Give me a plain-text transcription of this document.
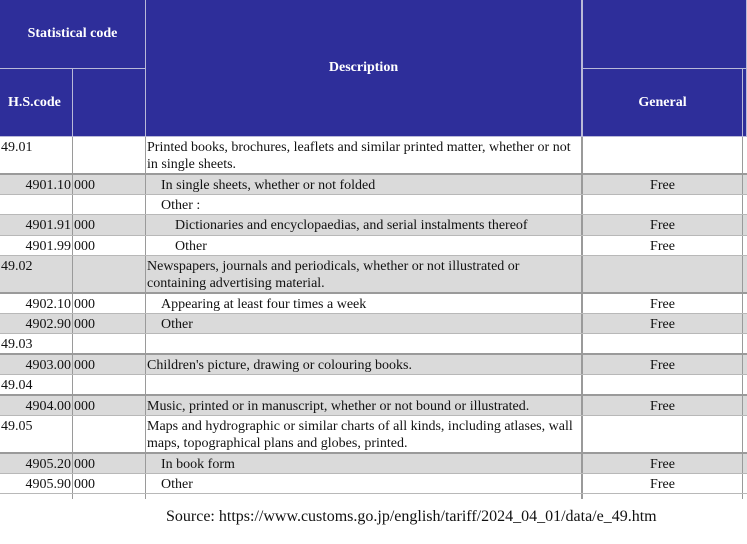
Statistical code
H.S.code
Description
General
49.01	Printed books, brochures, leaflets and similar printed matter, whether or not in single sheets.
4901.10 000	In single sheets, whether or not folded	Free
Other :
4901.91 000	Dictionaries and encyclopaedias, and serial instalments thereof	Free
4901.99 000	Other	Free
49.02	Newspapers, journals and periodicals, whether or not illustrated or containing advertising material.
4902.10 000	Appearing at least four times a week	Free
4902.90 000	Other	Free
49.03
4903.00 000	Children's picture, drawing or colouring books.	Free
49.04
4904.00 000	Music, printed or in manuscript, whether or not bound or illustrated.	Free
49.05	Maps and hydrographic or similar charts of all kinds, including atlases, wall maps, topographical plans and globes, printed.
4905.20 000	In book form	Free
4905.90 000	Other	Free
Source: https://www.customs.go.jp/english/tariff/2024_04_01/data/e_49.htm
